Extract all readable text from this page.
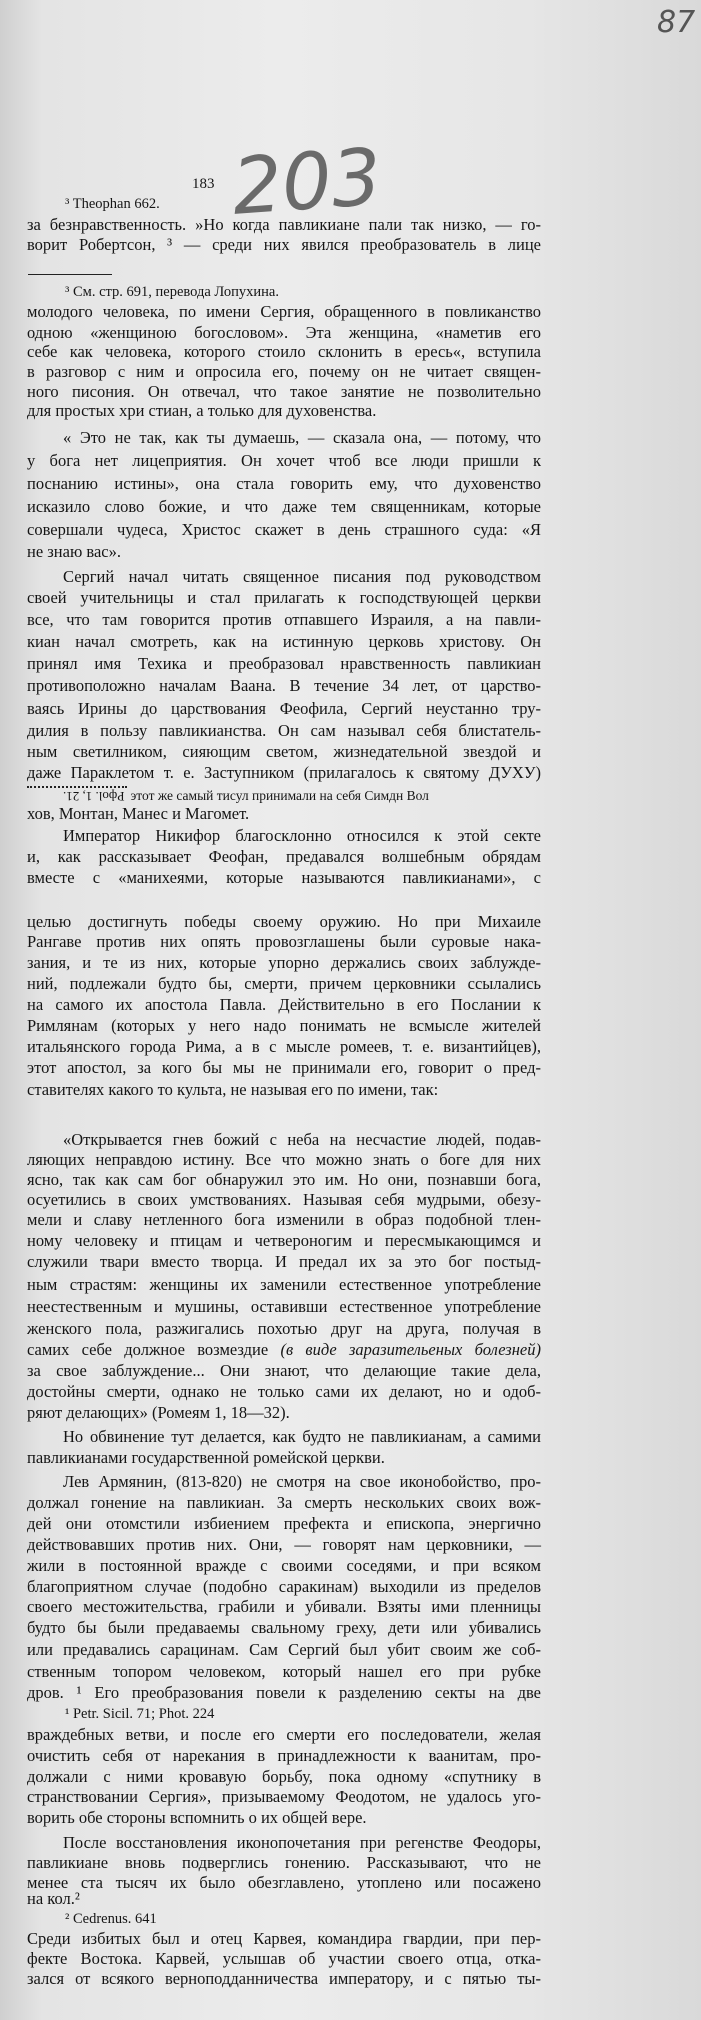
203
87
183
³ Theophan 662.
за безнравственность. »Но когда павликиане пали так низко, — го-
ворит Робертсон, ³ — среди них явился преобразователь в лице
³ См. стр. 691, перевода Лопухина.
молодого человека, по имени Сергия, обращенного в повликанство
одною «женщиною богословом». Эта женщина, «наметив его
себе как человека, которого стоило склонить в ересь«, вступила
в разговор с ним и опросила его, почему он не читает священ-
ного писония. Он отвечал, что такое занятие не позволительно
для простых хри стиан, а только для духовенства.
« Это не так, как ты думаешь, — сказала она, — потому, что
у бога нет лицеприятия. Он хочет чтоб все люди пришли к
поснанию истины», она стала говорить ему, что духовенство
исказило слово божие, и что даже тем священникам, которые
совершали чудеса, Христос скажет в день страшного суда: «Я
не знаю вас».
Сергий начал читать священное писания под руководством
своей учительницы и стал прилагать к господствующей церкви
все, что там говорится против отпавшего Израиля, а на павли-
киан начал смотреть, как на истинную церковь христову. Он
принял имя Техика и преобразовал нравственность павликиан
противоположно началам Ваана. В течение 34 лет, от царство-
ваясь Ирины до царствования Феофила, Сергий неустанно тру-
дилия в пользу павликианства. Он сам называл себя блистатель-
ным светилником, сияющим светом, жизнедательной звездой и
даже Параклетом т. е. Заступником (прилагалось к святому ДУХУ)
Рфоl. 1, 21. этот же самый тисул принимали на себя Симдн Вол
хов, Монтан, Манес и Магомет.
Император Никифор благосклонно относился к этой секте
и, как рассказывает Феофан, предавался волшебным обрядам
вместе с «манихеями, которые называются павликианами», с
целью достигнуть победы своему оружию. Но при Михаиле
Рангаве против них опять провозглашены были суровые нака-
зания, и те из них, которые упорно держались своих заблужде-
ний, подлежали будто бы, смерти, причем церковники ссылались
на самого их апостола Павла. Действительно в его Послании к
Римлянам (которых у него надо понимать не всмысле жителей
итальянского города Рима, а в с мысле ромеев, т. е. византийцев),
этот апостол, за кого бы мы не принимали его, говорит о пред-
ставителях какого то культа, не называя его по имени, так:
«Открывается гнев божий с неба на несчастие людей, подав-
ляющих неправдою истину. Все что можно знать о боге для них
ясно, так как сам бог обнаружил это им. Но они, познавши бога,
осуетились в своих умствованиях. Называя себя мудрыми, обезу-
мели и славу нетленного бога изменили в образ подобной тлен-
ному человеку и птицам и четвероногим и пересмыкающимся и
служили твари вместо творца. И предал их за это бог постыд-
ным страстям: женщины их заменили естественное употребление
неестественным и мушины, оставивши естественное употребление
женского пола, разжигались похотью друг на друга, получая в
самих себе должное возмездие (в виде заразительеных болезней)
за свое заблуждение... Они знают, что делающие такие дела,
достойны смерти, однако не только сами их делают, но и одоб-
ряют делающих» (Ромеям 1, 18—32).
Но обвинение тут делается, как будто не павликианам, а самими
павликианами государственной ромейской церкви.
Лев Армянин, (813-820) не смотря на свое иконобойство, про-
должал гонение на павликиан. За смерть нескольких своих вож-
дей они отомстили избиением префекта и епископа, энергично
действовавших против них. Они, — говорят нам церковники, —
жили в постоянной вражде с своими соседями, и при всяком
благоприятном случае (подобно саракинам) выходили из пределов
своего местожительства, грабили и убивали. Взяты ими пленницы
будто бы были предаваемы свальному греху, дети или убивались
или предавались сарацинам. Сам Сергий был убит своим же соб-
ственным топором человеком, который нашел его при рубке
дров. ¹ Его преобразования повели к разделению секты на две
¹ Petr. Sicil. 71; Phot. 224
враждебных ветви, и после его смерти его последователи, желая
очистить себя от нарекания в принадлежности к ваанитам, про-
должали с ними кровавую борьбу, пока одному «спутнику в
странствовании Сергия», призываемому Феодотом, не удалось уго-
ворить обе стороны вспомнить о их общей вере.
После восстановления иконопочетания при регенстве Феодоры,
павликиане вновь подверглись гонению. Рассказывают, что не
менее ста тысяч их было обезглавлено, утоплено или посажено
на кол.²
² Cedrenus. 641
Среди избитых был и отец Карвея, командира гвардии, при пер-
фекте Востока. Карвей, услышав об участии своего отца, отка-
зался от всякого верноподданничества императору, и с пятью ты-
